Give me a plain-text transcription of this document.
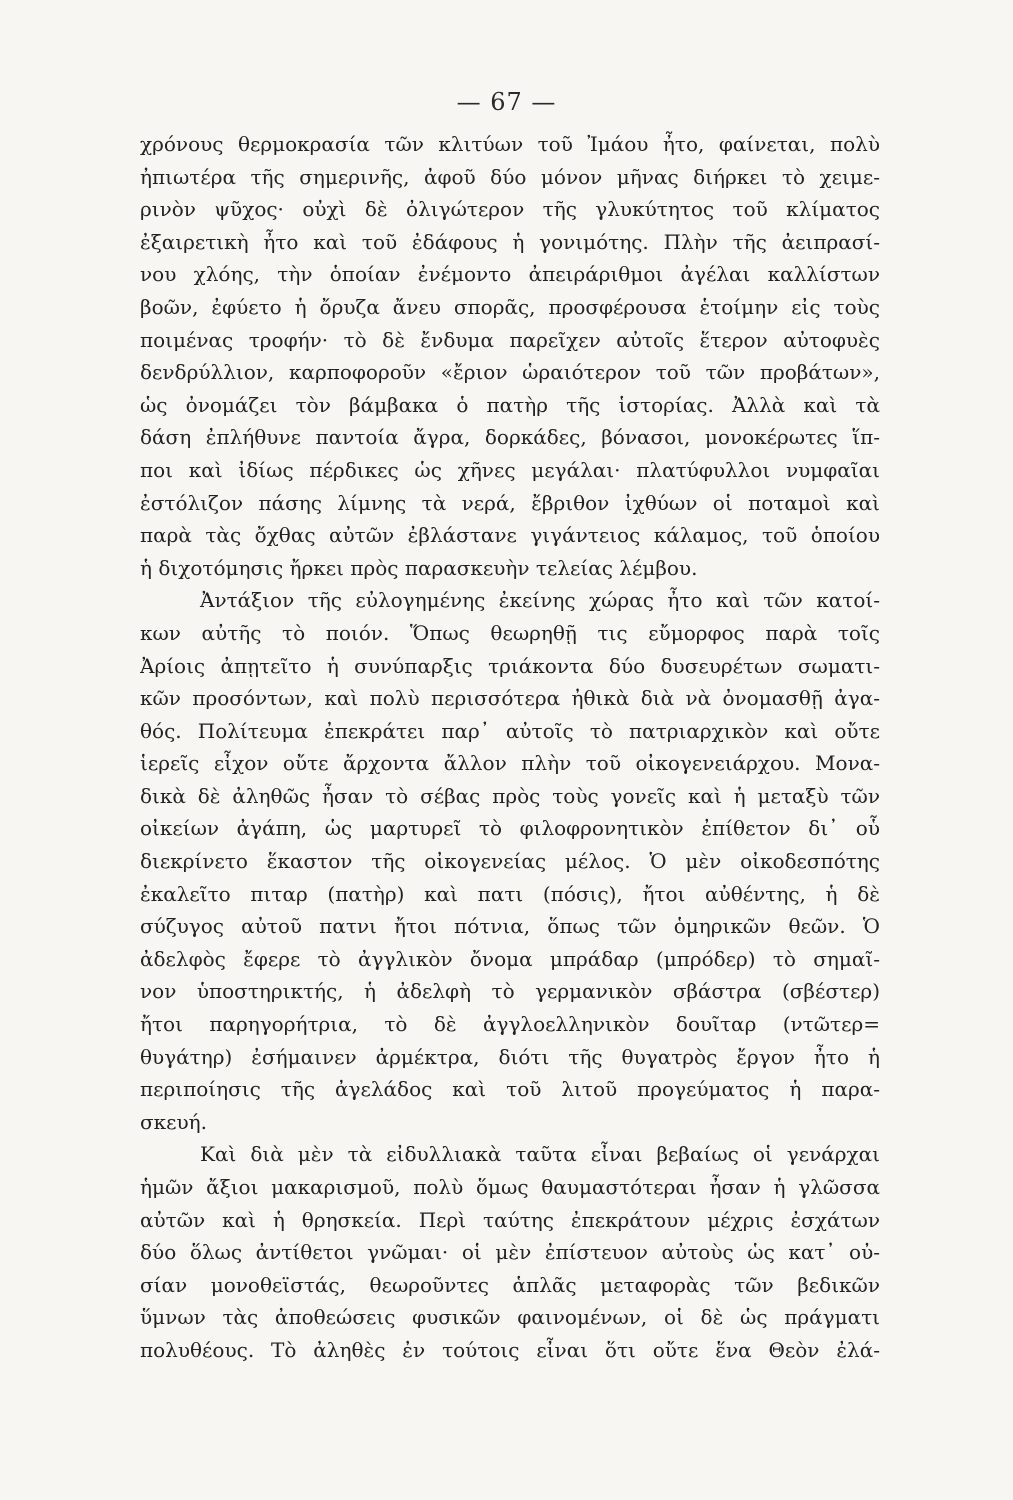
— 67 —
χρόνους θερμοκρασία τῶν κλιτύων τοῦ Ἰμάου ἦτο, φαίνεται, πολὺ
ἠπιωτέρα τῆς σημερινῆς, ἀφοῦ δύο μόνον μῆνας διήρκει τὸ χειμε-
ρινὸν ψῦχος· οὐχὶ δὲ ὀλιγώτερον τῆς γλυκύτητος τοῦ κλίματος
ἐξαιρετικὴ ἦτο καὶ τοῦ ἐδάφους ἡ γονιμότης. Πλὴν τῆς ἀειπρασί-
νου χλόης, τὴν ὁποίαν ἐνέμοντο ἀπειράριθμοι ἀγέλαι καλλίστων
βοῶν, ἐφύετο ἡ ὄρυζα ἄνευ σπορᾶς, προσφέρουσα ἑτοίμην εἰς τοὺς
ποιμένας τροφήν· τὸ δὲ ἔνδυμα παρεῖχεν αὐτοῖς ἕτερον αὐτοφυὲς
δενδρύλλιον, καρποφοροῦν «ἔριον ὡραιότερον τοῦ τῶν προβάτων»,
ὡς ὀνομάζει τὸν βάμβακα ὁ πατὴρ τῆς ἱστορίας. Ἀλλὰ καὶ τὰ
δάση ἐπλήθυνε παντοία ἄγρα, δορκάδες, βόνασοι, μονοκέρωτες ἵπ-
ποι καὶ ἰδίως πέρδικες ὡς χῆνες μεγάλαι· πλατύφυλλοι νυμφαῖαι
ἐστόλιζον πάσης λίμνης τὰ νερά, ἔβριθον ἰχθύων οἱ ποταμοὶ καὶ
παρὰ τὰς ὄχθας αὐτῶν ἐβλάστανε γιγάντειος κάλαμος, τοῦ ὁποίου
ἡ διχοτόμησις ἤρκει πρὸς παρασκευὴν τελείας λέμβου.
Ἀντάξιον τῆς εὐλογημένης ἐκείνης χώρας ἦτο καὶ τῶν κατοί-
κων αὐτῆς τὸ ποιόν. Ὅπως θεωρηθῇ τις εὔμορφος παρὰ τοῖς
Ἀρίοις ἀπῃτεῖτο ἡ συνύπαρξις τριάκοντα δύο δυσευρέτων σωματι-
κῶν προσόντων, καὶ πολὺ περισσότερα ἠθικὰ διὰ νὰ ὀνομασθῇ ἀγα-
θός. Πολίτευμα ἐπεκράτει παρ᾽ αὐτοῖς τὸ πατριαρχικὸν καὶ οὔτε
ἱερεῖς εἶχον οὔτε ἄρχοντα ἄλλον πλὴν τοῦ οἰκογενειάρχου. Μονα-
δικὰ δὲ ἀληθῶς ἦσαν τὸ σέβας πρὸς τοὺς γονεῖς καὶ ἡ μεταξὺ τῶν
οἰκείων ἀγάπη, ὡς μαρτυρεῖ τὸ φιλοφρονητικὸν ἐπίθετον δι᾽ οὗ
διεκρίνετο ἕκαστον τῆς οἰκογενείας μέλος. Ὁ μὲν οἰκοδεσπότης
ἐκαλεῖτο πιταρ (πατὴρ) καὶ πατι (πόσις), ἤτοι αὐθέντης, ἡ δὲ
σύζυγος αὐτοῦ πατνι ἤτοι πότνια, ὅπως τῶν ὁμηρικῶν θεῶν. Ὁ
ἀδελφὸς ἔφερε τὸ ἀγγλικὸν ὄνομα μπράδαρ (μπρόδερ) τὸ σημαῖ-
νον ὑποστηρικτής, ἡ ἀδελφὴ τὸ γερμανικὸν σβάστρα (σβέστερ)
ἤτοι παρηγορήτρια, τὸ δὲ ἀγγλοελληνικὸν δουῖταρ (ντῶτερ=
θυγάτηρ) ἐσήμαινεν ἀρμέκτρα, διότι τῆς θυγατρὸς ἔργον ἦτο ἡ
περιποίησις τῆς ἀγελάδος καὶ τοῦ λιτοῦ προγεύματος ἡ παρα-
σκευή.
Καὶ διὰ μὲν τὰ εἰδυλλιακὰ ταῦτα εἶναι βεβαίως οἱ γενάρχαι
ἡμῶν ἄξιοι μακαρισμοῦ, πολὺ ὅμως θαυμαστότεραι ἦσαν ἡ γλῶσσα
αὐτῶν καὶ ἡ θρησκεία. Περὶ ταύτης ἐπεκράτουν μέχρις ἐσχάτων
δύο ὅλως ἀντίθετοι γνῶμαι· οἱ μὲν ἐπίστευον αὐτοὺς ὡς κατ᾽ οὐ-
σίαν μονοθεϊστάς, θεωροῦντες ἁπλᾶς μεταφορὰς τῶν βεδικῶν
ὕμνων τὰς ἀποθεώσεις φυσικῶν φαινομένων, οἱ δὲ ὡς πράγματι
πολυθέους. Τὸ ἀληθὲς ἐν τούτοις εἶναι ὅτι οὔτε ἕνα Θεὸν ἐλά-
